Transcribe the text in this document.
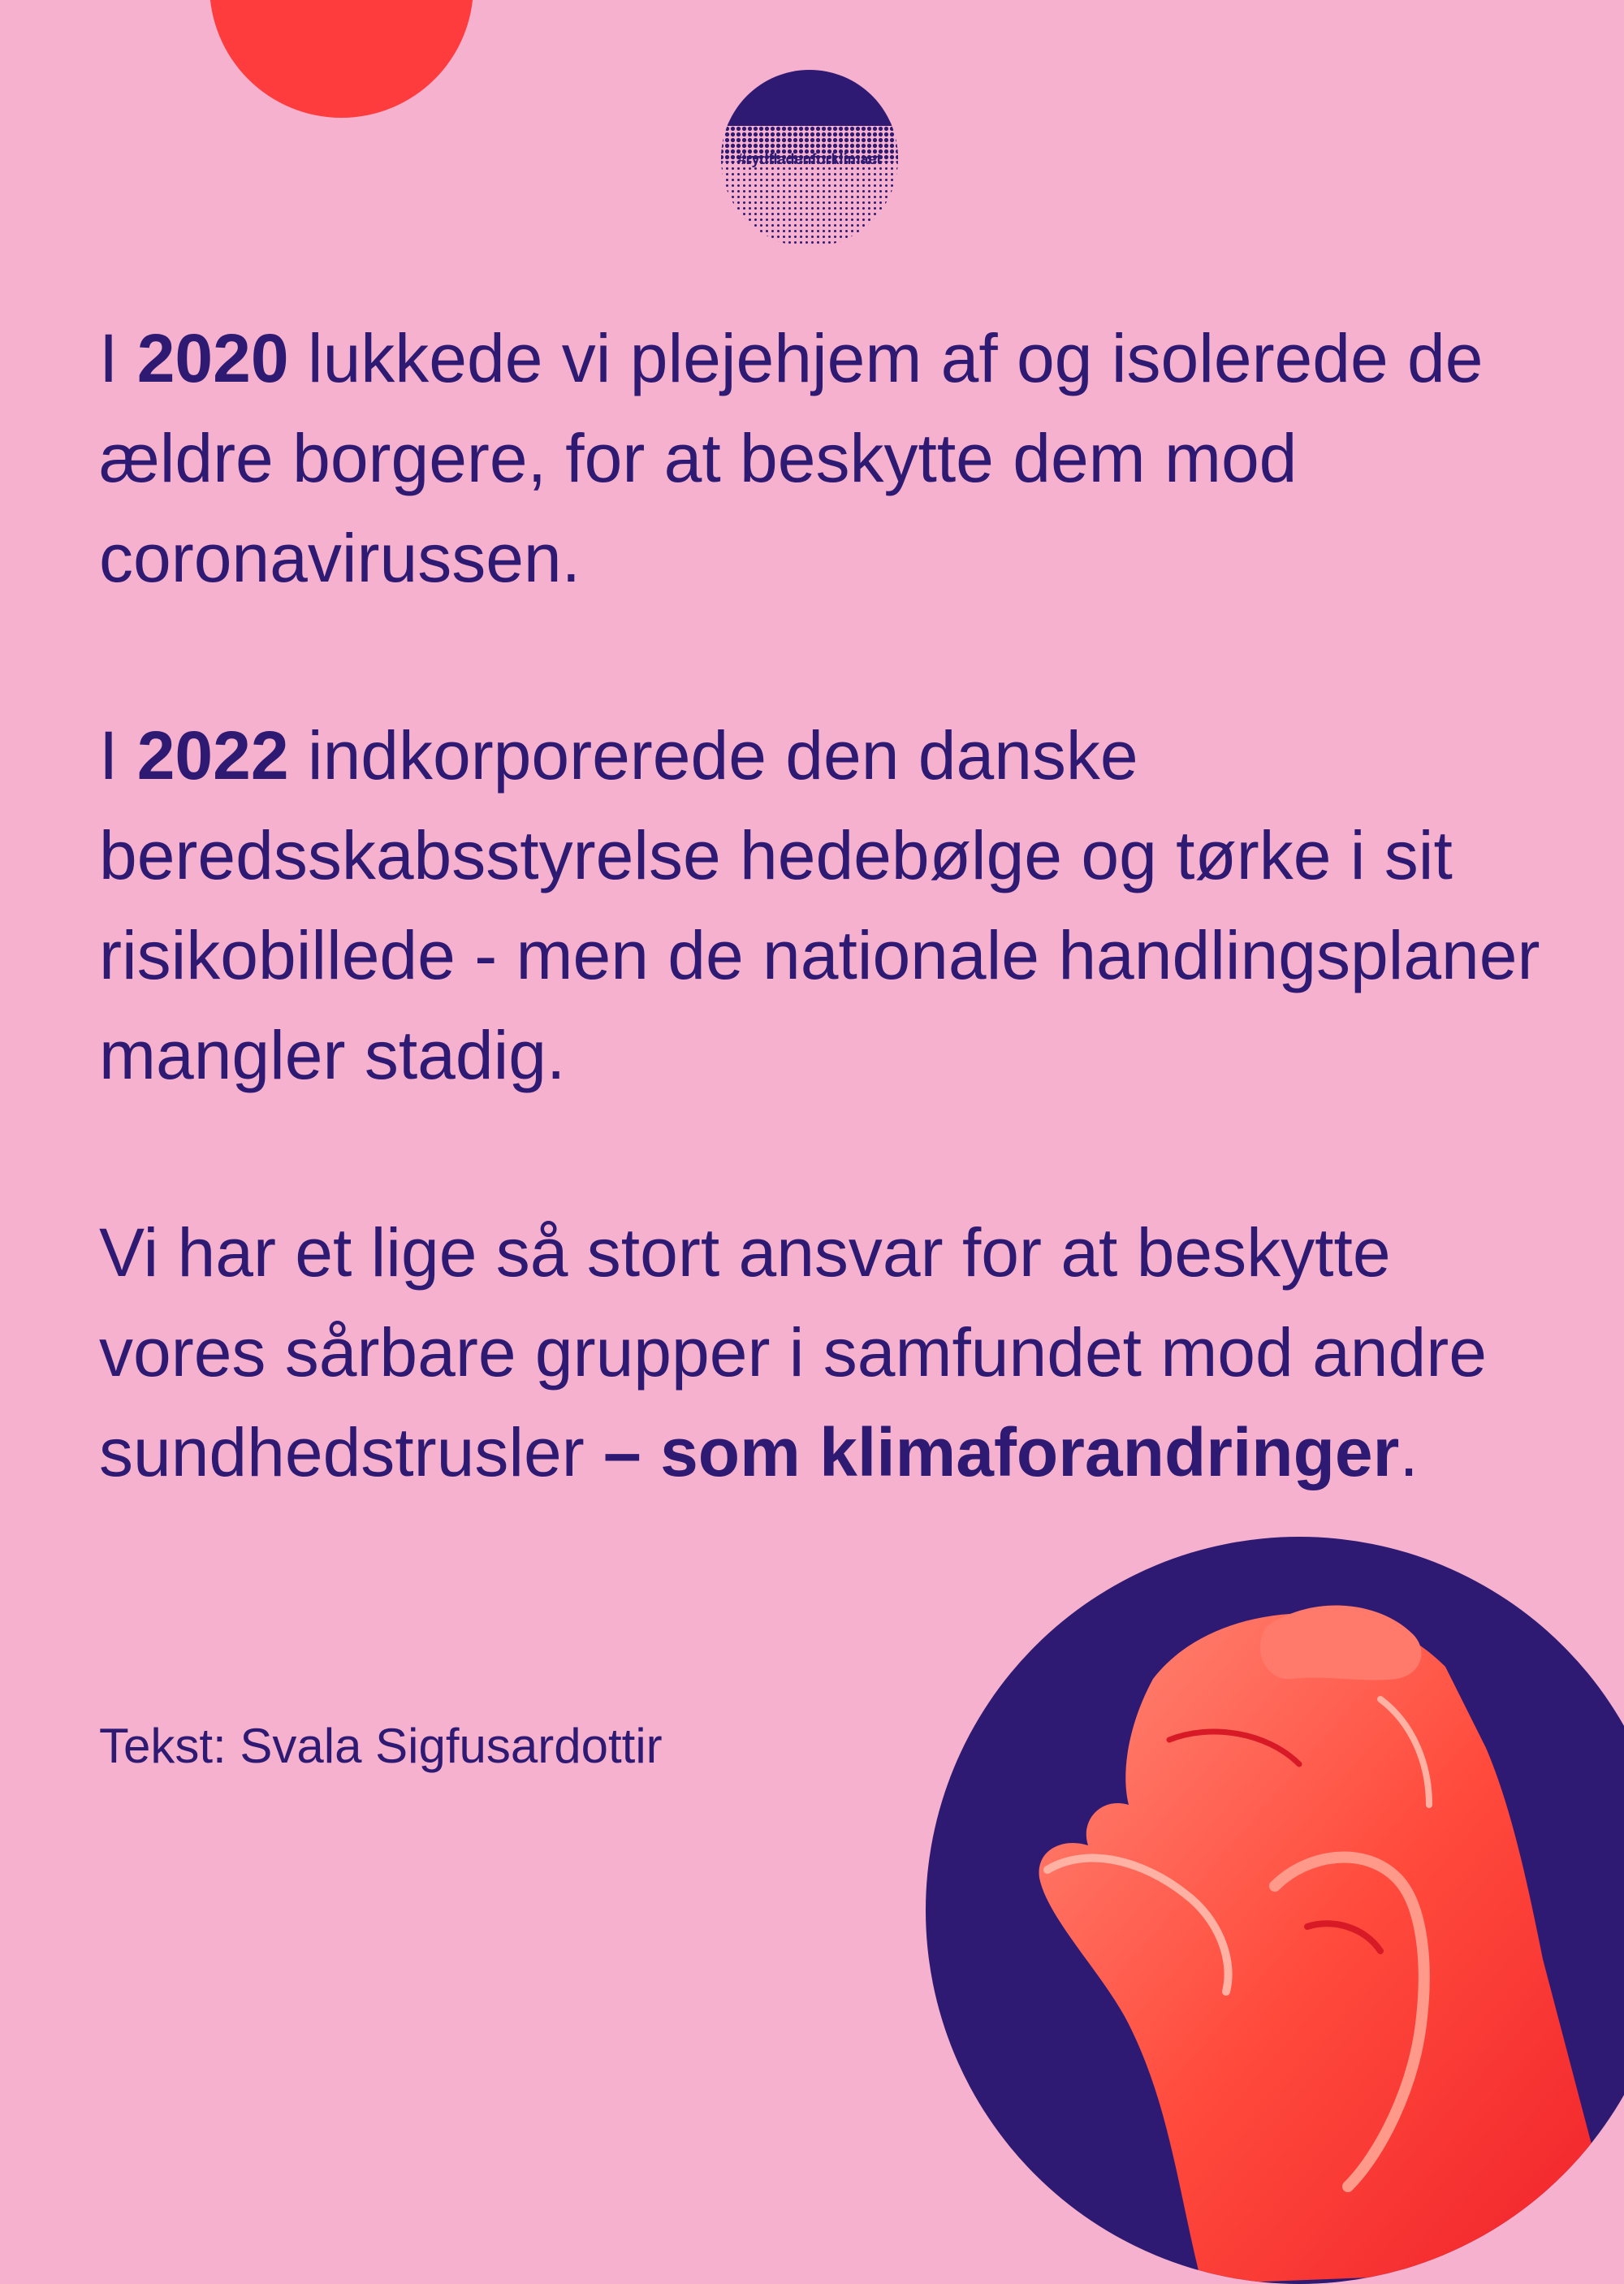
#rydfladenforklimaet

I 2020 lukkede vi plejehjem af og isolerede de ældre borgere, for at beskytte dem mod coronavirussen.

I 2022 indkorporerede den danske beredsskabsstyrelse hedebølge og tørke i sit risikobillede - men de nationale handlingsplaner mangler stadig.

Vi har et lige så stort ansvar for at beskytte vores sårbare grupper i samfundet mod andre sundhedstrusler – som klimaforandringer.

Tekst: Svala Sigfusardottir
